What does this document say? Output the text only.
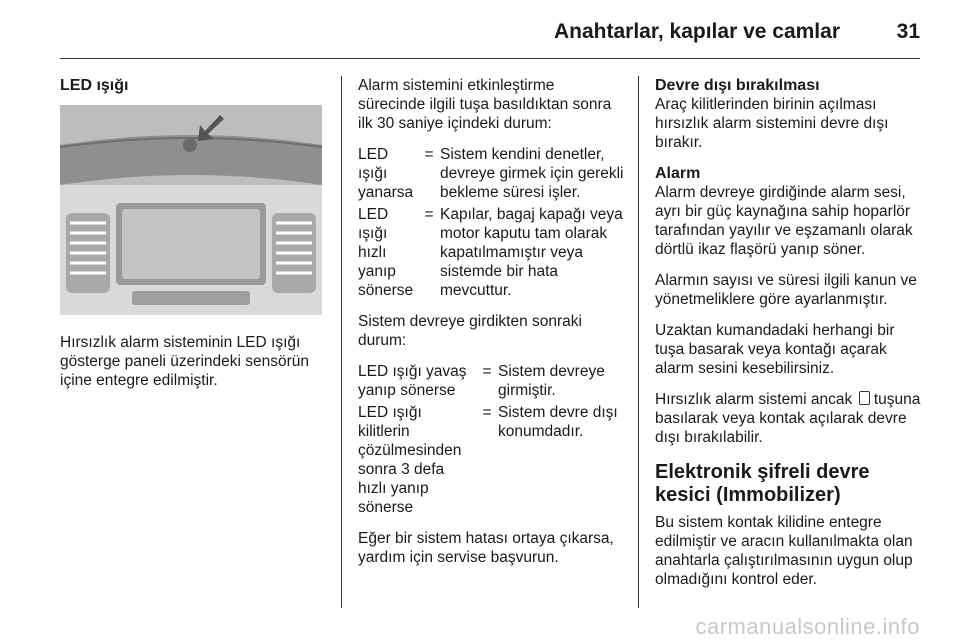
Anahtarlar, kapılar ve camlar	31
LED ışığı

Hırsızlık alarm sisteminin LED ışığı gösterge paneli üzerindeki sensörün içine entegre edilmiştir.

Alarm sistemini etkinleştirme sürecinde ilgili tuşa basıldıktan sonra ilk 30 saniye içindeki durum:

LED ışığı yanarsa
= Sistem kendini denetler, devreye girmek için gerekli bekleme süresi işler.
LED ışığı hızlı yanıp sönerse
= Kapılar, bagaj kapağı veya motor kaputu tam olarak kapatılmamıştır veya sistemde bir hata mevcuttur.

Sistem devreye girdikten sonraki durum:

LED ışığı yavaş yanıp sönerse
= Sistem devreye girmiştir.
LED ışığı kilitlerin çözülmesinden sonra 3 defa hızlı yanıp sönerse
= Sistem devre dışı konumdadır.

Eğer bir sistem hatası ortaya çıkarsa, yardım için servise başvurun.

Devre dışı bırakılması

Araç kilitlerinden birinin açılması hırsızlık alarm sistemini devre dışı bırakır.

Alarm

Alarm devreye girdiğinde alarm sesi, ayrı bir güç kaynağına sahip hoparlör tarafından yayılır ve eşzamanlı olarak dörtlü ikaz flaşörü yanıp söner.

Alarmın sayısı ve süresi ilgili kanun ve yönetmeliklere göre ayarlanmıştır.

Uzaktan kumandadaki herhangi bir tuşa basarak veya kontağı açarak alarm sesini kesebilirsiniz.

Hırsızlık alarm sistemi ancak tuşuna basılarak veya kontak açılarak devre dışı bırakılabilir.

Elektronik şifreli devre kesici (Immobilizer)

Bu sistem kontak kilidine entegre edilmiştir ve aracın kullanılmakta olan anahtarla çalıştırılmasının uygun olup olmadığını kontrol eder.

carmanualsonline.info
